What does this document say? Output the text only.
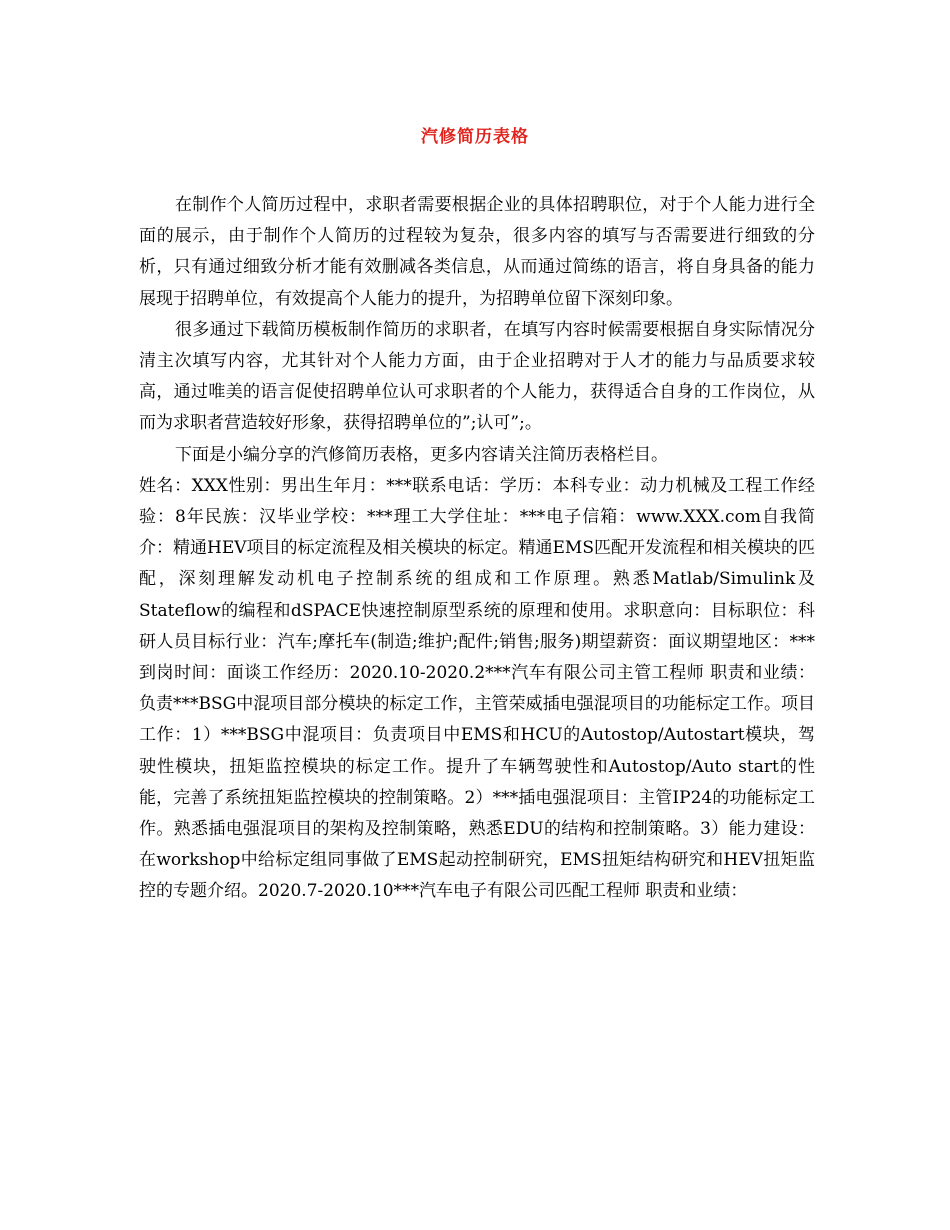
汽修简历表格

在制作个人简历过程中，求职者需要根据企业的具体招聘职位，对于个人能力进行全面的展示，由于制作个人简历的过程较为复杂，很多内容的填写与否需要进行细致的分析，只有通过细致分析才能有效删减各类信息，从而通过简练的语言，将自身具备的能力展现于招聘单位，有效提高个人能力的提升，为招聘单位留下深刻印象。

很多通过下载简历模板制作简历的求职者，在填写内容时候需要根据自身实际情况分清主次填写内容，尤其针对个人能力方面，由于企业招聘对于人才的能力与品质要求较高，通过唯美的语言促使招聘单位认可求职者的个人能力，获得适合自身的工作岗位，从而为求职者营造较好形象，获得招聘单位的”;认可”;。

下面是小编分享的汽修简历表格，更多内容请关注简历表格栏目。

姓名：XXX性别：男出生年月：***联系电话：学历：本科专业：动力机械及工程工作经验：8年民族：汉毕业学校：***理工大学住址：***电子信箱：www.XXX.com自我简介：精通HEV项目的标定流程及相关模块的标定。精通EMS匹配开发流程和相关模块的匹配，深刻理解发动机电子控制系统的组成和工作原理。熟悉Matlab/Simulink及Stateflow的编程和dSPACE快速控制原型系统的原理和使用。求职意向：目标职位：科研人员目标行业：汽车;摩托车(制造;维护;配件;销售;服务)期望薪资：面议期望地区：***到岗时间：面谈工作经历：2020.10-2020.2***汽车有限公司主管工程师 职责和业绩：负责***BSG中混项目部分模块的标定工作，主管荣威插电强混项目的功能标定工作。项目工作：1）***BSG中混项目：负责项目中EMS和HCU的Autostop/Autostart模块，驾驶性模块，扭矩监控模块的标定工作。提升了车辆驾驶性和Autostop/Auto start的性能，完善了系统扭矩监控模块的控制策略。2）***插电强混项目：主管IP24的功能标定工作。熟悉插电强混项目的架构及控制策略，熟悉EDU的结构和控制策略。3）能力建设：在workshop中给标定组同事做了EMS起动控制研究，EMS扭矩结构研究和HEV扭矩监控的专题介绍。2020.7-2020.10***汽车电子有限公司匹配工程师 职责和业绩：
